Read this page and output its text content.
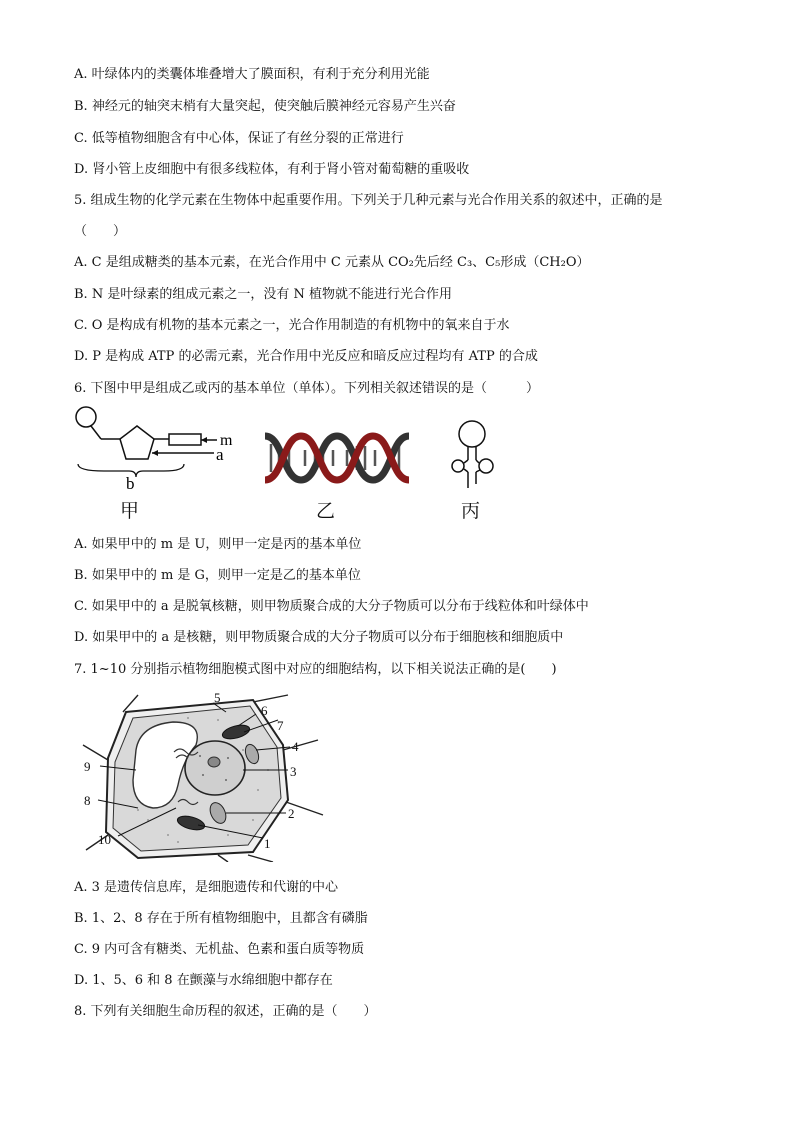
A. 叶绿体内的类囊体堆叠增大了膜面积，有利于充分利用光能
B. 神经元的轴突末梢有大量突起，使突触后膜神经元容易产生兴奋
C. 低等植物细胞含有中心体，保证了有丝分裂的正常进行
D. 肾小管上皮细胞中有很多线粒体，有利于肾小管对葡萄糖的重吸收
5. 组成生物的化学元素在生物体中起重要作用。下列关于几种元素与光合作用关系的叙述中，正确的是
（　　）
A. C 是组成糖类的基本元素，在光合作用中 C 元素从 CO₂先后经 C₃、C₅形成（CH₂O）
B. N 是叶绿素的组成元素之一，没有 N 植物就不能进行光合作用
C. O 是构成有机物的基本元素之一，光合作用制造的有机物中的氧来自于水
D. P 是构成 ATP 的必需元素，光合作用中光反应和暗反应过程均有 ATP 的合成
6. 下图中甲是组成乙或丙的基本单位（单体）。下列相关叙述错误的是（　　　）
m
a
b
甲	乙	丙
A. 如果甲中的 m 是 U，则甲一定是丙的基本单位
B. 如果甲中的 m 是 G，则甲一定是乙的基本单位
C. 如果甲中的 a 是脱氧核糖，则甲物质聚合成的大分子物质可以分布于线粒体和叶绿体中
D. 如果甲中的 a 是核糖，则甲物质聚合成的大分子物质可以分布于细胞核和细胞质中
7. 1~10 分别指示植物细胞模式图中对应的细胞结构，以下相关说法正确的是(　　)
5
6
7
4
3
2
1
9
8
10
A. 3 是遗传信息库，是细胞遗传和代谢的中心
B. 1、2、8 存在于所有植物细胞中，且都含有磷脂
C. 9 内可含有糖类、无机盐、色素和蛋白质等物质
D. 1、5、6 和 8 在颤藻与水绵细胞中都存在
8. 下列有关细胞生命历程的叙述，正确的是（　　）
